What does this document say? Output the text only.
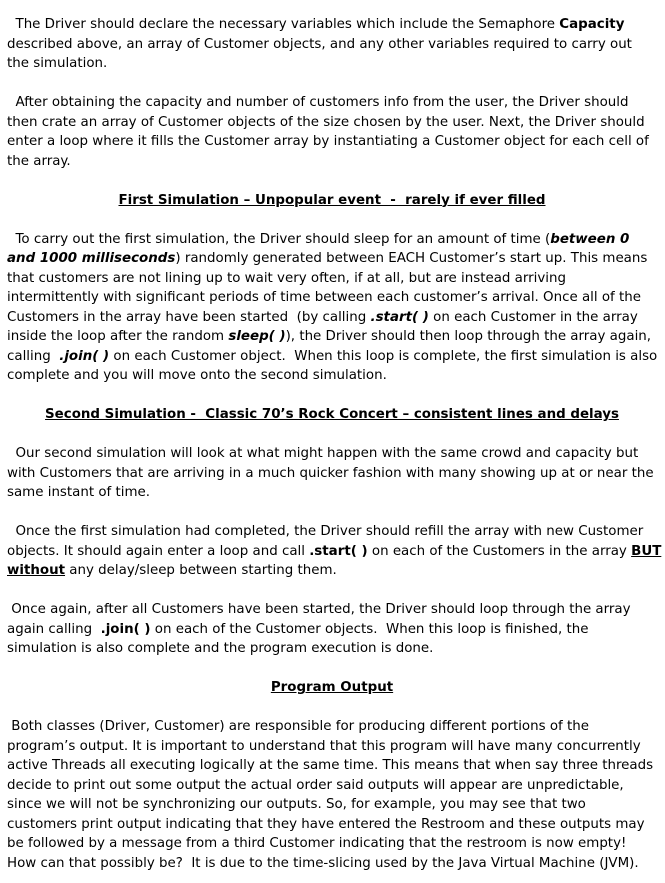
The Driver should declare the necessary variables which include the Semaphore Capacity
described above, an array of Customer objects, and any other variables required to carry out
the simulation.
After obtaining the capacity and number of customers info from the user, the Driver should
then crate an array of Customer objects of the size chosen by the user. Next, the Driver should
enter a loop where it fills the Customer array by instantiating a Customer object for each cell of
the array.
First Simulation – Unpopular event  -  rarely if ever filled
To carry out the first simulation, the Driver should sleep for an amount of time (between 0
and 1000 milliseconds) randomly generated between EACH Customer’s start up. This means
that customers are not lining up to wait very often, if at all, but are instead arriving
intermittently with significant periods of time between each customer’s arrival. Once all of the
Customers in the array have been started  (by calling .start( ) on each Customer in the array
inside the loop after the random sleep( )), the Driver should then loop through the array again,
calling  .join( ) on each Customer object.  When this loop is complete, the first simulation is also
complete and you will move onto the second simulation.
Second Simulation -  Classic 70’s Rock Concert – consistent lines and delays
Our second simulation will look at what might happen with the same crowd and capacity but
with Customers that are arriving in a much quicker fashion with many showing up at or near the
same instant of time.
Once the first simulation had completed, the Driver should refill the array with new Customer
objects. It should again enter a loop and call .start( ) on each of the Customers in the array BUT
without any delay/sleep between starting them.
Once again, after all Customers have been started, the Driver should loop through the array
again calling  .join( ) on each of the Customer objects.  When this loop is finished, the
simulation is also complete and the program execution is done.
Program Output
Both classes (Driver, Customer) are responsible for producing different portions of the
program’s output. It is important to understand that this program will have many concurrently
active Threads all executing logically at the same time. This means that when say three threads
decide to print out some output the actual order said outputs will appear are unpredictable,
since we will not be synchronizing our outputs. So, for example, you may see that two
customers print output indicating that they have entered the Restroom and these outputs may
be followed by a message from a third Customer indicating that the restroom is now empty!
How can that possibly be?  It is due to the time-slicing used by the Java Virtual Machine (JVM).
